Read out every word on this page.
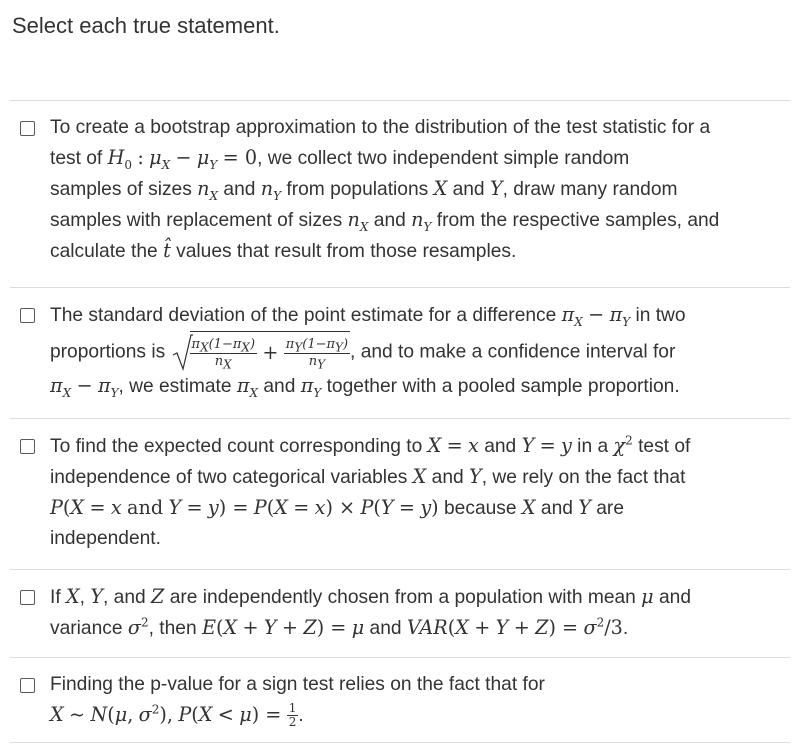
Select each true statement.
To create a bootstrap approximation to the distribution of the test statistic for a
test of $H_0$ : $\mu_X - \mu_Y = 0$, we collect two independent simple random
samples of sizes $n_X$ and $n_Y$ from populations X and Y, draw many random
samples with replacement of sizes $n_X$ and $n_Y$ from the respective samples, and
calculate the t̂ values that result from those resamples.
The standard deviation of the point estimate for a difference $\pi_X - \pi_Y$ in two
proportions is $\frac{\pi_X(1-\pi_X)}{n_X} + \frac{\pi_Y(1-\pi_Y)}{n_Y}$ , and to make a confidence interval for
$\pi_X - \pi_Y$, we estimate $\pi_X$ and $\pi_Y$ together with a pooled sample proportion.
To find the expected count corresponding to X = x and Y = y in a $\chi^2$ test of
independence of two categorical variables X and Y, we rely on the fact that
P(X = x and Y = y) = P(X = x) × P(Y = y) because X and Y are
independent.
If X, Y, and Z are independently chosen from a population with mean μ and
variance $\sigma^2$, then E(X + Y + Z) = μ and $VAR(X + Y + Z) = \sigma^2/3$.
Finding the p-value for a sign test relies on the fact that for
X ∼ N(μ, $\sigma^2$), $P(X < \mu) = \frac{1}{2}$ .
